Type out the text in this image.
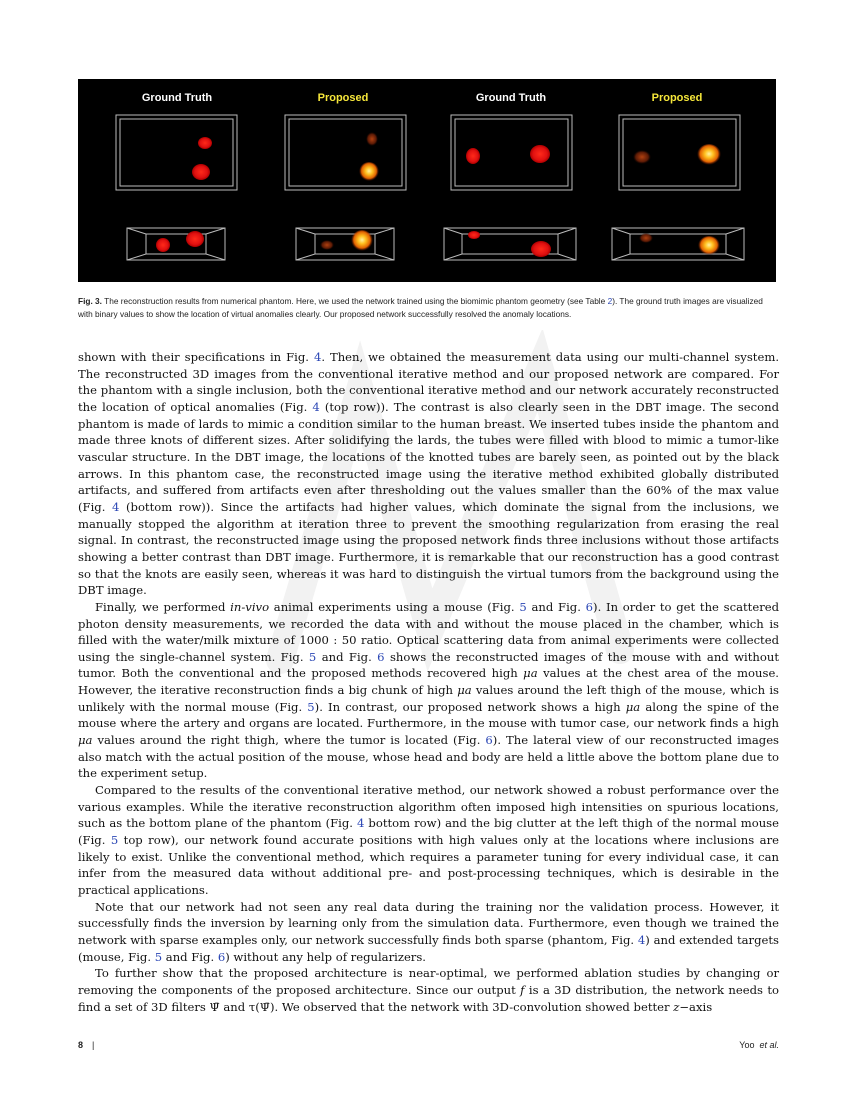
Ground Truth	Proposed	Ground Truth	Proposed
Fig. 3. The reconstruction results from numerical phantom. Here, we used the network trained using the biomimic phantom geometry (see Table 2). The ground truth images are visualized with binary values to show the location of virtual anomalies clearly. Our proposed network successfully resolved the anomaly locations.

shown with their specifications in Fig. 4. Then, we obtained the measurement data using our multi-channel system. The reconstructed 3D images from the conventional iterative method and our proposed network are compared. For the phantom with a single inclusion, both the conventional iterative method and our network accurately reconstructed the location of optical anomalies (Fig. 4 (top row)). The contrast is also clearly seen in the DBT image. The second phantom is made of lards to mimic a condition similar to the human breast. We inserted tubes inside the phantom and made three knots of different sizes. After solidifying the lards, the tubes were filled with blood to mimic a tumor-like vascular structure. In the DBT image, the locations of the knotted tubes are barely seen, as pointed out by the black arrows. In this phantom case, the reconstructed image using the iterative method exhibited globally distributed artifacts, and suffered from artifacts even after thresholding out the values smaller than the 60% of the max value (Fig. 4 (bottom row)). Since the artifacts had higher values, which dominate the signal from the inclusions, we manually stopped the algorithm at iteration three to prevent the smoothing regularization from erasing the real signal. In contrast, the reconstructed image using the proposed network finds three inclusions without those artifacts showing a better contrast than DBT image. Furthermore, it is remarkable that our reconstruction has a good contrast so that the knots are easily seen, whereas it was hard to distinguish the virtual tumors from the background using the DBT image.

Finally, we performed in-vivo animal experiments using a mouse (Fig. 5 and Fig. 6). In order to get the scattered photon density measurements, we recorded the data with and without the mouse placed in the chamber, which is filled with the water/milk mixture of 1000 : 50 ratio. Optical scattering data from animal experiments were collected using the single-channel system. Fig. 5 and Fig. 6 shows the reconstructed images of the mouse with and without tumor. Both the conventional and the proposed methods recovered high μa values at the chest area of the mouse. However, the iterative reconstruction finds a big chunk of high μa values around the left thigh of the mouse, which is unlikely with the normal mouse (Fig. 5). In contrast, our proposed network shows a high μa along the spine of the mouse where the artery and organs are located. Furthermore, in the mouse with tumor case, our network finds a high μa values around the right thigh, where the tumor is located (Fig. 6). The lateral view of our reconstructed images also match with the actual position of the mouse, whose head and body are held a little above the bottom plane due to the experiment setup.

Compared to the results of the conventional iterative method, our network showed a robust performance over the various examples. While the iterative reconstruction algorithm often imposed high intensities on spurious locations, such as the bottom plane of the phantom (Fig. 4 bottom row) and the big clutter at the left thigh of the normal mouse (Fig. 5 top row), our network found accurate positions with high values only at the locations where inclusions are likely to exist. Unlike the conventional method, which requires a parameter tuning for every individual case, it can infer from the measured data without additional pre- and post-processing techniques, which is desirable in the practical applications.

Note that our network had not seen any real data during the training nor the validation process. However, it successfully finds the inversion by learning only from the simulation data. Furthermore, even though we trained the network with sparse examples only, our network successfully finds both sparse (phantom, Fig. 4) and extended targets (mouse, Fig. 5 and Fig. 6) without any help of regularizers.

To further show that the proposed architecture is near-optimal, we performed ablation studies by changing or removing the components of the proposed architecture. Since our output f is a 3D distribution, the network needs to find a set of 3D filters Ψ̄ and τ(Ψ̄). We observed that the network with 3D-convolution showed better z−axis

8 |	Yoo et al.
